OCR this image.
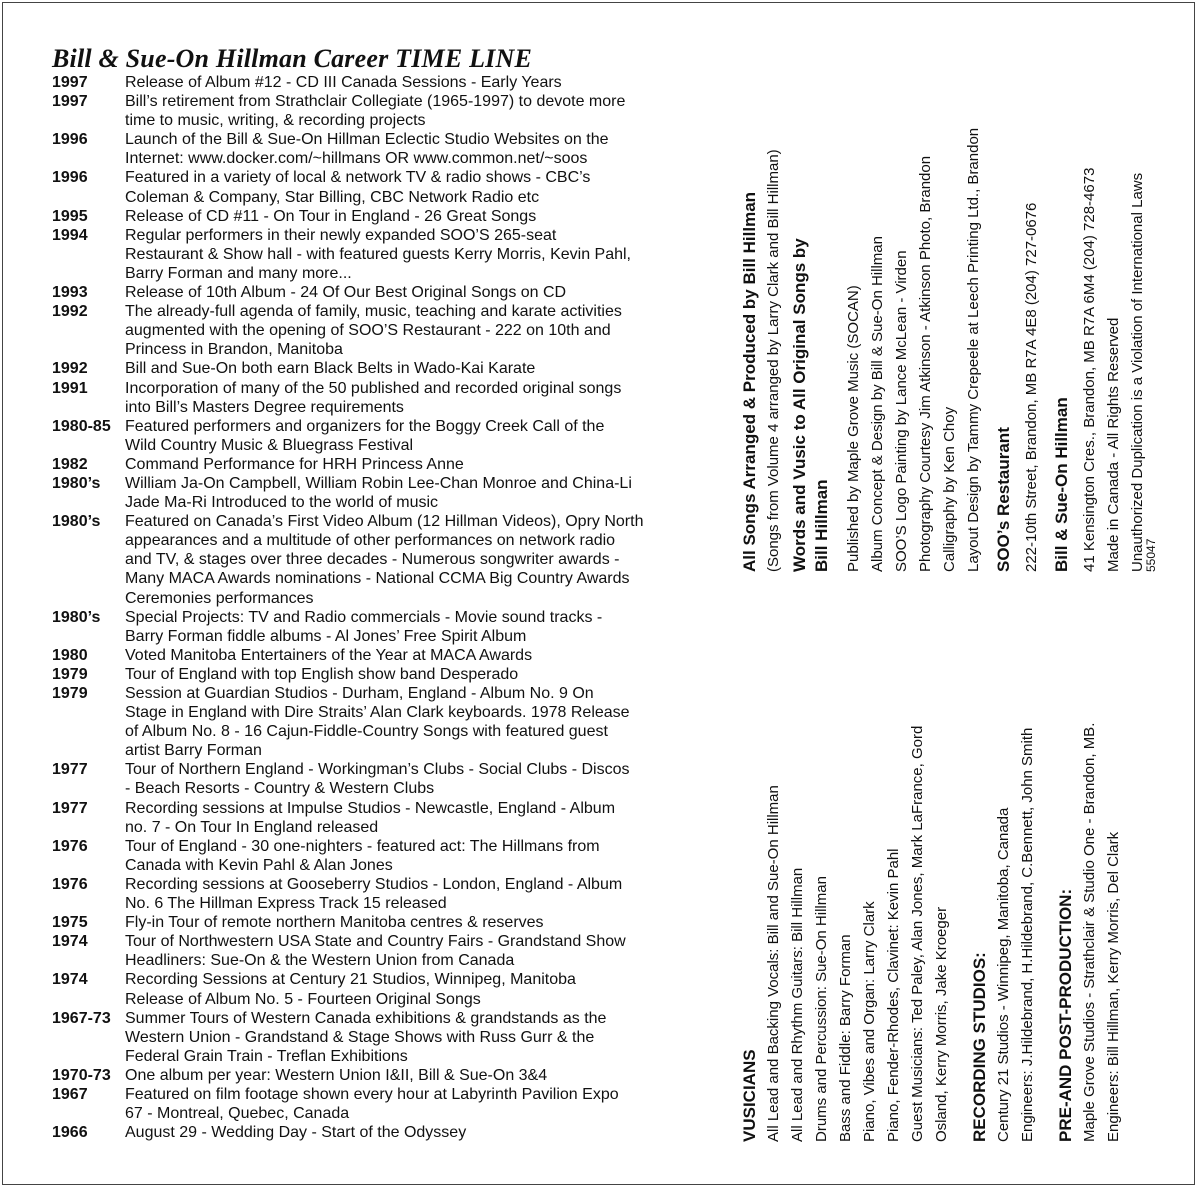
Bill & Sue-On Hillman Career TIME LINE
1997	Release of Album #12 - CD III Canada Sessions - Early Years
1997	Bill’s retirement from Strathclair Collegiate (1965-1997) to devote more
time to music, writing, & recording projects
1996	Launch of the Bill & Sue-On Hillman Eclectic Studio Websites on the
Internet: www.docker.com/~hillmans OR www.common.net/~soos
1996	Featured in a variety of local & network TV & radio shows - CBC’s
Coleman & Company, Star Billing, CBC Network Radio etc
1995	Release of CD #11 - On Tour in England - 26 Great Songs
1994	Regular performers in their newly expanded SOO’S 265-seat
Restaurant & Show hall - with featured guests Kerry Morris, Kevin Pahl,
Barry Forman and many more...
1993	Release of 10th Album - 24 Of Our Best Original Songs on CD
1992	The already-full agenda of family, music, teaching and karate activities
augmented with the opening of SOO’S Restaurant - 222 on 10th and
Princess in Brandon, Manitoba
1992	Bill and Sue-On both earn Black Belts in Wado-Kai Karate
1991	Incorporation of many of the 50 published and recorded original songs
into Bill’s Masters Degree requirements
1980-85 Featured performers and organizers for the Boggy Creek Call of the
Wild Country Music & Bluegrass Festival
1982	Command Performance for HRH Princess Anne
1980’s	William Ja-On Campbell, William Robin Lee-Chan Monroe and China-Li
Jade Ma-Ri Introduced to the world of music
1980’s	Featured on Canada’s First Video Album (12 Hillman Videos), Opry North
appearances and a multitude of other performances on network radio
and TV, & stages over three decades - Numerous songwriter awards -
Many MACA Awards nominations - National CCMA Big Country Awards
Ceremonies performances
1980’s	Special Projects: TV and Radio commercials - Movie sound tracks -
Barry Forman fiddle albums - Al Jones’ Free Spirit Album
1980	Voted Manitoba Entertainers of the Year at MACA Awards
1979	Tour of England with top English show band Desperado
1979	Session at Guardian Studios - Durham, England - Album No. 9 On
Stage in England with Dire Straits’ Alan Clark keyboards. 1978 Release
of Album No. 8 - 16 Cajun-Fiddle-Country Songs with featured guest
artist Barry Forman
1977	Tour of Northern England - Workingman’s Clubs - Social Clubs - Discos
- Beach Resorts - Country & Western Clubs
1977	Recording sessions at Impulse Studios - Newcastle, England - Album
no. 7 - On Tour In England released
1976	Tour of England - 30 one-nighters - featured act: The Hillmans from
Canada with Kevin Pahl & Alan Jones
1976	Recording sessions at Gooseberry Studios - London, England - Album
No. 6 The Hillman Express Track 15 released
1975	Fly-in Tour of remote northern Manitoba centres & reserves
1974	Tour of Northwestern USA State and Country Fairs - Grandstand Show
Headliners: Sue-On & the Western Union from Canada
1974	Recording Sessions at Century 21 Studios, Winnipeg, Manitoba
Release of Album No. 5 - Fourteen Original Songs
1967-73 Summer Tours of Western Canada exhibitions & grandstands as the
Western Union - Grandstand & Stage Shows with Russ Gurr & the
Federal Grain Train - Treflan Exhibitions
1970-73 One album per year: Western Union I&II, Bill & Sue-On 3&4
1967	Featured on film footage shown every hour at Labyrinth Pavilion Expo
67 - Montreal, Quebec, Canada
1966	August 29 - Wedding Day - Start of the Odyssey
All Songs Arranged & Produced by Bill Hillman (Songs from Volume 4 arranged by Larry Clark and Bill Hillman) Words and Vusic to All Original Songs by Bill Hillman Published by Maple Grove Music (SOCAN) Album Concept & Design by Bill & Sue-On Hillman SOO’S Logo Painting by Lance McLean - Virden Photography Courtesy Jim Atkinson - Atkinson Photo, Brandon Calligraphy by Ken Choy Layout Design by Tammy Crepeele at Leech Printing Ltd., Brandon SOO’s Restaurant 222-10th Street, Brandon, MB R7A 4E8 (204) 727-0676 Bill & Sue-On Hillman 41 Kensington Cres., Brandon, MB R7A 6M4 (204) 728-4673 Made in Canada - All Rights Reserved Unauthorized Duplication is a Violation of International Laws
55047
VUSICIANS All Lead and Backing Vocals: Bill and Sue-On Hillman All Lead and Rhythm Guitars: Bill Hillman Drums and Percussion: Sue-On Hillman Bass and Fiddle: Barry Forman Piano, Vibes and Organ: Larry Clark Piano, Fender-Rhodes, Clavinet: Kevin Pahl Guest Musicians: Ted Paley, Alan Jones, Mark LaFrance, Gord Osland, Kerry Morris, Jake Kroeger RECORDING STUDIOS: Century 21 Studios - Winnipeg, Manitoba, Canada Engineers: J.Hildebrand, H.Hildebrand, C.Bennett, John Smith PRE-AND POST-PRODUCTION: Maple Grove Studios - Strathclair & Studio One - Brandon, MB. Engineers: Bill Hillman, Kerry Morris, Del Clark
